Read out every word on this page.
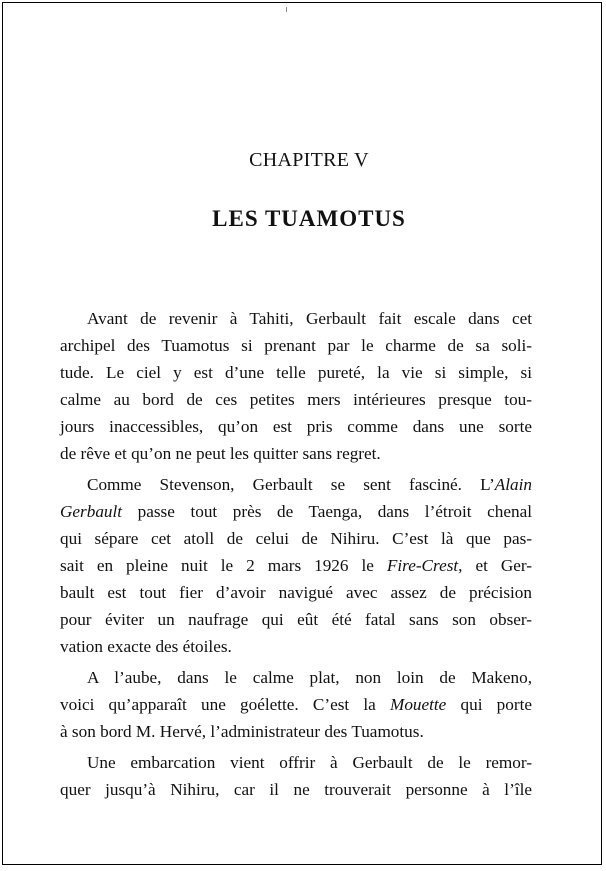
CHAPITRE V
LES TUAMOTUS
Avant de revenir à Tahiti, Gerbault fait escale dans cet
archipel des Tuamotus si prenant par le charme de sa soli-
tude. Le ciel y est d’une telle pureté, la vie si simple, si
calme au bord de ces petites mers intérieures presque tou-
jours inaccessibles, qu’on est pris comme dans une sorte
de rêve et qu’on ne peut les quitter sans regret.
Comme Stevenson, Gerbault se sent fasciné. L’Alain
Gerbault passe tout près de Taenga, dans l’étroit chenal
qui sépare cet atoll de celui de Nihiru. C’est là que pas-
sait en pleine nuit le 2 mars 1926 le Fire-Crest, et Ger-
bault est tout fier d’avoir navigué avec assez de précision
pour éviter un naufrage qui eût été fatal sans son obser-
vation exacte des étoiles.
A l’aube, dans le calme plat, non loin de Makeno,
voici qu’apparaît une goélette. C’est la Mouette qui porte
à son bord M. Hervé, l’administrateur des Tuamotus.
Une embarcation vient offrir à Gerbault de le remor-
quer jusqu’à Nihiru, car il ne trouverait personne à l’île
